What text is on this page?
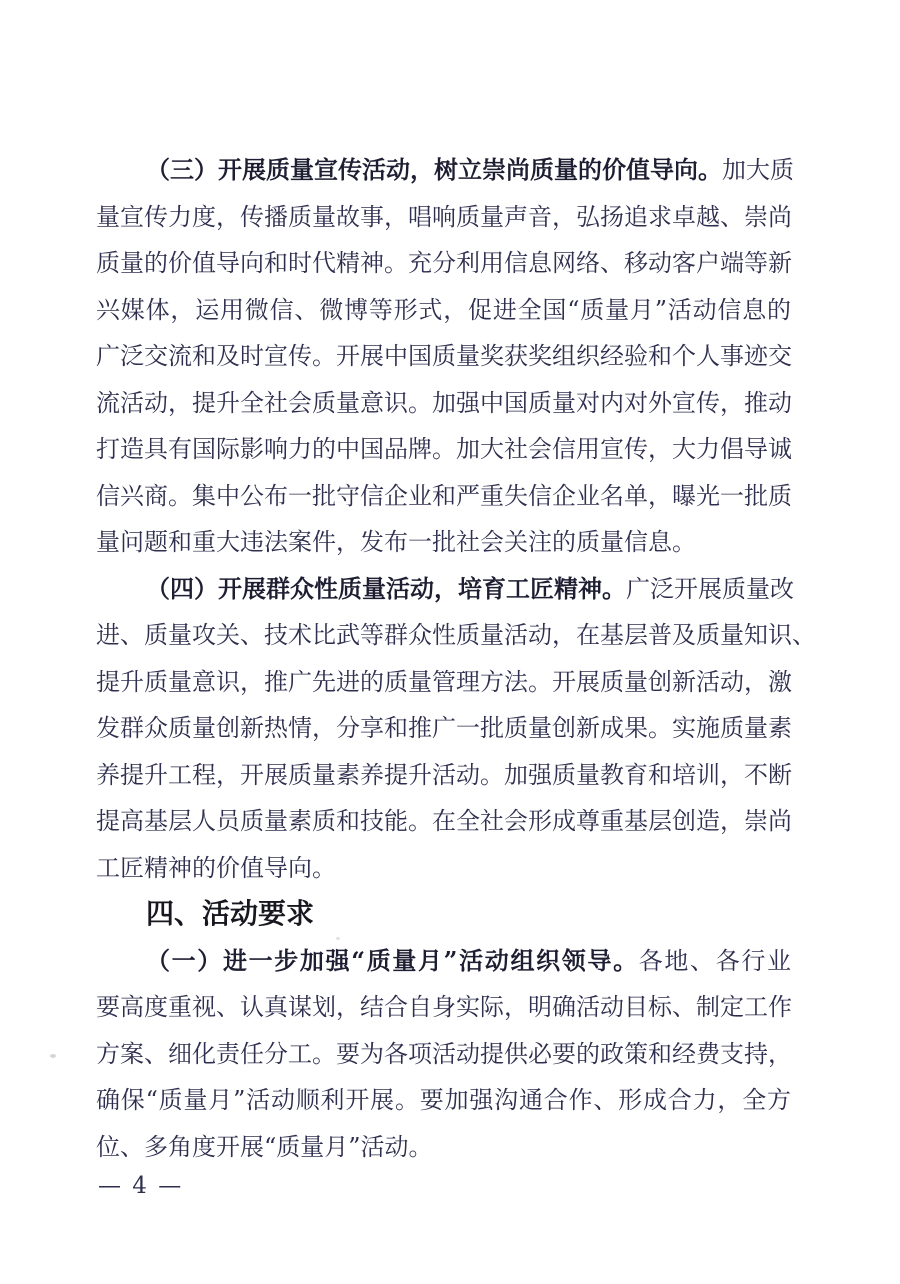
（三）开展质量宣传活动，树立崇尚质量的价值导向。加大质
量宣传力度，传播质量故事，唱响质量声音，弘扬追求卓越、崇尚
质量的价值导向和时代精神。充分利用信息网络、移动客户端等新
兴媒体，运用微信、微博等形式，促进全国“质量月”活动信息的
广泛交流和及时宣传。开展中国质量奖获奖组织经验和个人事迹交
流活动，提升全社会质量意识。加强中国质量对内对外宣传，推动
打造具有国际影响力的中国品牌。加大社会信用宣传，大力倡导诚
信兴商。集中公布一批守信企业和严重失信企业名单，曝光一批质
量问题和重大违法案件，发布一批社会关注的质量信息。
（四）开展群众性质量活动，培育工匠精神。广泛开展质量改
进、质量攻关、技术比武等群众性质量活动，在基层普及质量知识、
提升质量意识，推广先进的质量管理方法。开展质量创新活动，激
发群众质量创新热情，分享和推广一批质量创新成果。实施质量素
养提升工程，开展质量素养提升活动。加强质量教育和培训，不断
提高基层人员质量素质和技能。在全社会形成尊重基层创造，崇尚
工匠精神的价值导向。
四、活动要求
（一）进一步加强“质量月”活动组织领导。各地、各行业
要高度重视、认真谋划，结合自身实际，明确活动目标、制定工作
方案、细化责任分工。要为各项活动提供必要的政策和经费支持，
确保“质量月”活动顺利开展。要加强沟通合作、形成合力，全方
位、多角度开展“质量月”活动。
— 4 —
